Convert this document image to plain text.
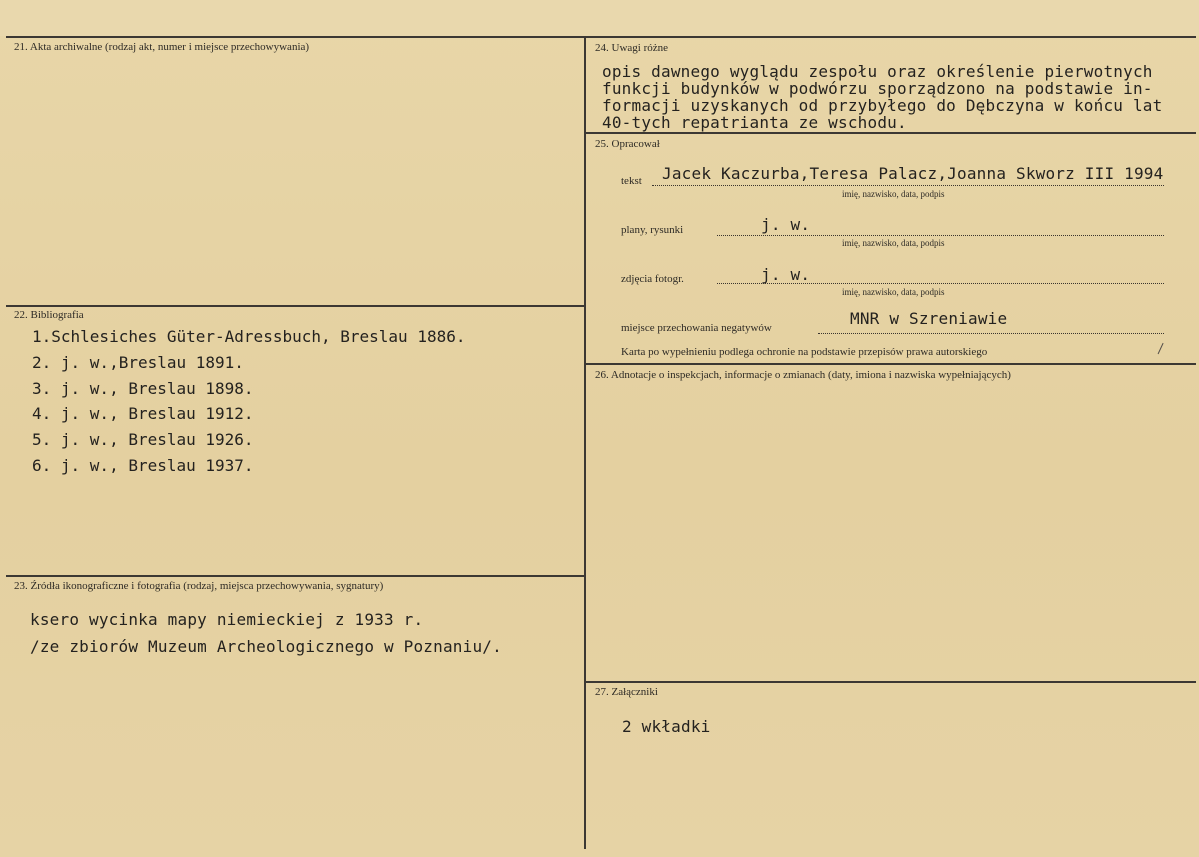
21. Akta archiwalne (rodzaj akt, numer i miejsce przechowywania)
22. Bibliografia
1.Schlesiches Güter-Adressbuch, Breslau 1886.
2. j. w.,Breslau 1891.
3. j. w., Breslau 1898.
4. j. w., Breslau 1912.
5. j. w., Breslau 1926.
6. j. w., Breslau 1937.
23. Źródła ikonograficzne i fotografia (rodzaj, miejsca przechowywania, sygnatury)
ksero wycinka mapy niemieckiej z 1933 r.
/ze zbiorów Muzeum Archeologicznego w Poznaniu/.
24. Uwagi różne
opis dawnego wyglądu zespołu oraz określenie pierwotnych
funkcji budynków w podwórzu sporządzono na podstawie in-
formacji uzyskanych od przybyłego do Dębczyna w końcu lat
40-tych repatrianta ze wschodu.
25. Opracował
tekst Jacek Kaczurba,Teresa Palacz,Joanna Skworz III 1994
imię, nazwisko, data, podpis
plany, rysunki	j. w.
imię, nazwisko, data, podpis
zdjęcia fotogr.	j. w.
imię, nazwisko, data, podpis
miejsce przechowania negatywów	MNR w Szreniawie
Karta po wypełnieniu podlega ochronie na podstawie przepisów prawa autorskiego
26. Adnotacje o inspekcjach, informacje o zmianach (daty, imiona i nazwiska wypełniających)
27. Załączniki
2 wkładki
